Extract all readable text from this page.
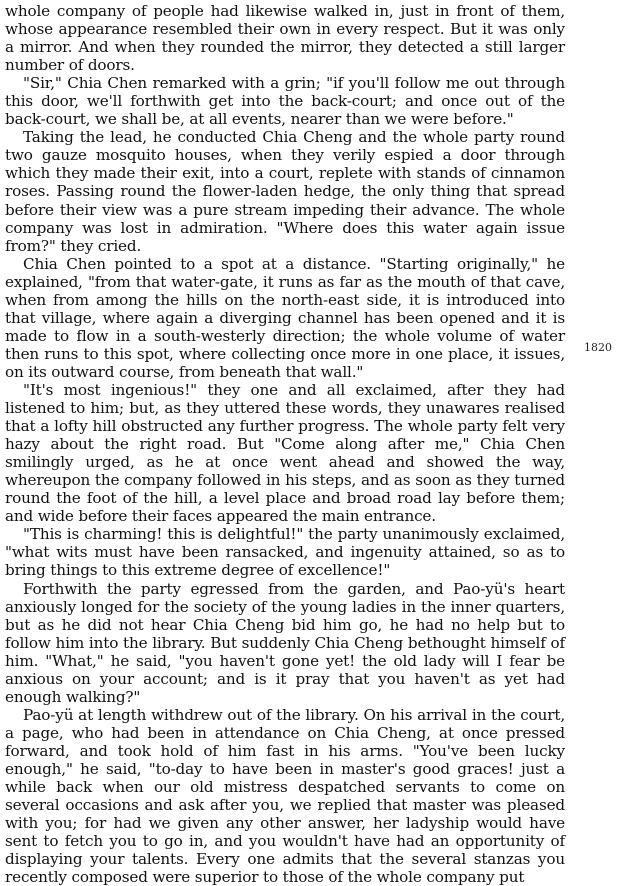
whole company of people had likewise walked in, just in front of them, whose appearance resembled their own in every respect. But it was only a mirror. And when they rounded the mirror, they detected a still larger number of doors.

"Sir," Chia Chen remarked with a grin; "if you'll follow me out through this door, we'll forthwith get into the back-court; and once out of the back-court, we shall be, at all events, nearer than we were before."

Taking the lead, he conducted Chia Cheng and the whole party round two gauze mosquito houses, when they verily espied a door through which they made their exit, into a court, replete with stands of cinnamon roses. Passing round the flower-laden hedge, the only thing that spread before their view was a pure stream impeding their advance. The whole company was lost in admiration. "Where does this water again issue from?" they cried.

Chia Chen pointed to a spot at a distance. "Starting originally," he explained, "from that water-gate, it runs as far as the mouth of that cave, when from among the hills on the north-east side, it is introduced into that village, where again a diverging channel has been opened and it is made to flow in a south-westerly direction; the whole volume of water then runs to this spot, where collecting once more in one place, it issues, on its outward course, from beneath that wall."

"It's most ingenious!" they one and all exclaimed, after they had listened to him; but, as they uttered these words, they unawares realised that a lofty hill obstructed any further progress. The whole party felt very hazy about the right road. But "Come along after me," Chia Chen smilingly urged, as he at once went ahead and showed the way, whereupon the company followed in his steps, and as soon as they turned round the foot of the hill, a level place and broad road lay before them; and wide before their faces appeared the main entrance.

"This is charming! this is delightful!" the party unanimously exclaimed, "what wits must have been ransacked, and ingenuity attained, so as to bring things to this extreme degree of excellence!"

Forthwith the party egressed from the garden, and Pao-yü's heart anxiously longed for the society of the young ladies in the inner quarters, but as he did not hear Chia Cheng bid him go, he had no help but to follow him into the library. But suddenly Chia Cheng bethought himself of him. "What," he said, "you haven't gone yet! the old lady will I fear be anxious on your account; and is it pray that you haven't as yet had enough walking?"

Pao-yü at length withdrew out of the library. On his arrival in the court, a page, who had been in attendance on Chia Cheng, at once pressed forward, and took hold of him fast in his arms. "You've been lucky enough," he said, "to-day to have been in master's good graces! just a while back when our old mistress despatched servants to come on several occasions and ask after you, we replied that master was pleased with you; for had we given any other answer, her ladyship would have sent to fetch you to go in, and you wouldn't have had an opportunity of displaying your talents. Every one admits that the several stanzas you recently composed were superior to those of the whole company put

1820
